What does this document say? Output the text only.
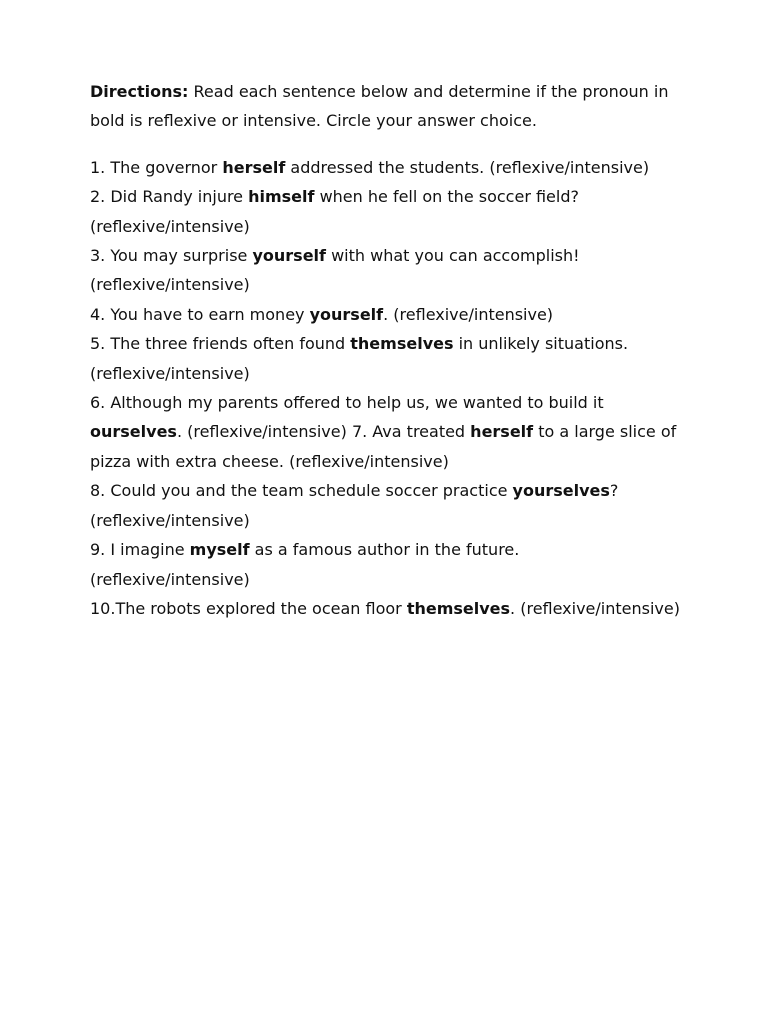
Directions: Read each sentence below and determine if the pronoun in bold is reflexive or intensive. Circle your answer choice.

1. The governor herself addressed the students. (reflexive/intensive)

2. Did Randy injure himself when he fell on the soccer field? (reflexive/intensive)

3. You may surprise yourself with what you can accomplish! (reflexive/intensive)

4. You have to earn money yourself. (reflexive/intensive)

5. The three friends often found themselves in unlikely situations. (reflexive/intensive)

6. Although my parents offered to help us, we wanted to build it ourselves. (reflexive/intensive) 7. Ava treated herself to a large slice of pizza with extra cheese. (reflexive/intensive)

8. Could you and the team schedule soccer practice yourselves? (reflexive/intensive)

9. I imagine myself as a famous author in the future. (reflexive/intensive)

10.The robots explored the ocean floor themselves. (reflexive/intensive)
